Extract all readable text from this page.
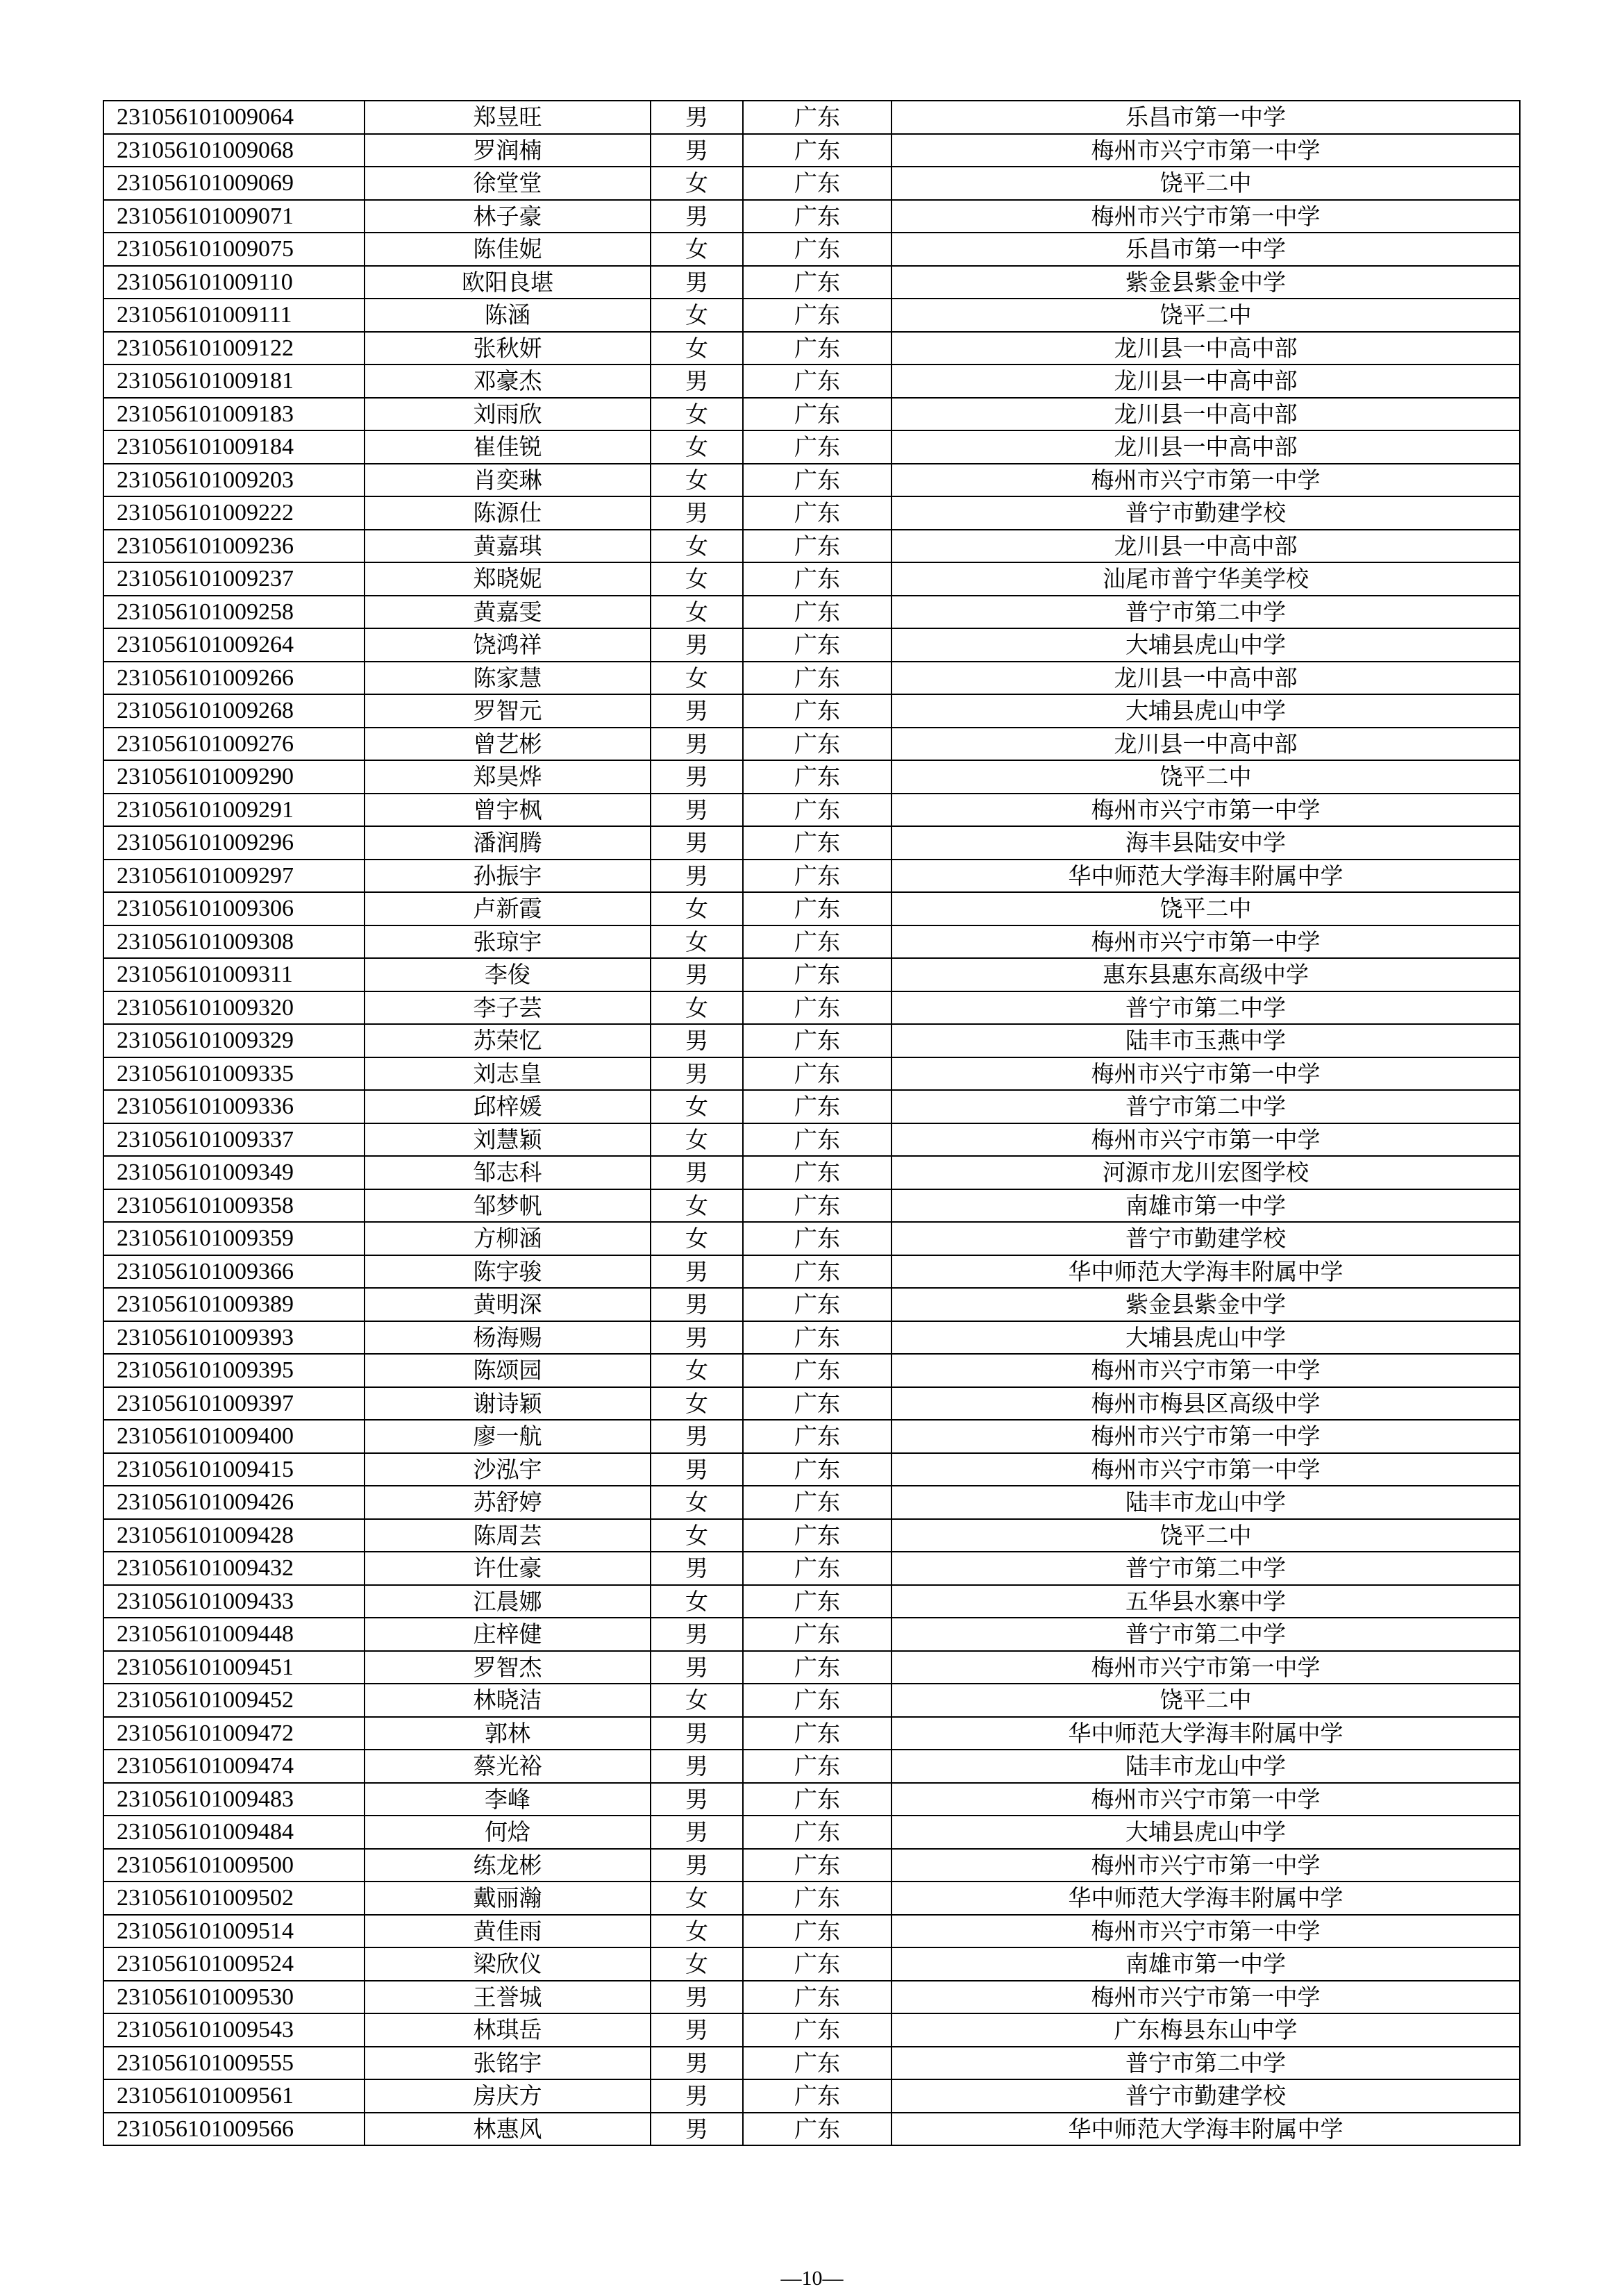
231056101009064	郑昱旺	男	广东	乐昌市第一中学
231056101009068	罗润楠	男	广东	梅州市兴宁市第一中学
231056101009069	徐堂堂	女	广东	饶平二中
231056101009071	林子豪	男	广东	梅州市兴宁市第一中学
231056101009075	陈佳妮	女	广东	乐昌市第一中学
231056101009110	欧阳良堪	男	广东	紫金县紫金中学
231056101009111	陈涵	女	广东	饶平二中
231056101009122	张秋妍	女	广东	龙川县一中高中部
231056101009181	邓豪杰	男	广东	龙川县一中高中部
231056101009183	刘雨欣	女	广东	龙川县一中高中部
231056101009184	崔佳锐	女	广东	龙川县一中高中部
231056101009203	肖奕琳	女	广东	梅州市兴宁市第一中学
231056101009222	陈源仕	男	广东	普宁市勤建学校
231056101009236	黄嘉琪	女	广东	龙川县一中高中部
231056101009237	郑晓妮	女	广东	汕尾市普宁华美学校
231056101009258	黄嘉雯	女	广东	普宁市第二中学
231056101009264	饶鸿祥	男	广东	大埔县虎山中学
231056101009266	陈家慧	女	广东	龙川县一中高中部
231056101009268	罗智元	男	广东	大埔县虎山中学
231056101009276	曾艺彬	男	广东	龙川县一中高中部
231056101009290	郑昊烨	男	广东	饶平二中
231056101009291	曾宇枫	男	广东	梅州市兴宁市第一中学
231056101009296	潘润腾	男	广东	海丰县陆安中学
231056101009297	孙振宇	男	广东	华中师范大学海丰附属中学
231056101009306	卢新霞	女	广东	饶平二中
231056101009308	张琼宇	女	广东	梅州市兴宁市第一中学
231056101009311	李俊	男	广东	惠东县惠东高级中学
231056101009320	李子芸	女	广东	普宁市第二中学
231056101009329	苏荣忆	男	广东	陆丰市玉燕中学
231056101009335	刘志皇	男	广东	梅州市兴宁市第一中学
231056101009336	邱梓媛	女	广东	普宁市第二中学
231056101009337	刘慧颖	女	广东	梅州市兴宁市第一中学
231056101009349	邹志科	男	广东	河源市龙川宏图学校
231056101009358	邹梦帆	女	广东	南雄市第一中学
231056101009359	方柳涵	女	广东	普宁市勤建学校
231056101009366	陈宇骏	男	广东	华中师范大学海丰附属中学
231056101009389	黄明深	男	广东	紫金县紫金中学
231056101009393	杨海赐	男	广东	大埔县虎山中学
231056101009395	陈颂园	女	广东	梅州市兴宁市第一中学
231056101009397	谢诗颖	女	广东	梅州市梅县区高级中学
231056101009400	廖一航	男	广东	梅州市兴宁市第一中学
231056101009415	沙泓宇	男	广东	梅州市兴宁市第一中学
231056101009426	苏舒婷	女	广东	陆丰市龙山中学
231056101009428	陈周芸	女	广东	饶平二中
231056101009432	许仕豪	男	广东	普宁市第二中学
231056101009433	江晨娜	女	广东	五华县水寨中学
231056101009448	庄梓健	男	广东	普宁市第二中学
231056101009451	罗智杰	男	广东	梅州市兴宁市第一中学
231056101009452	林晓洁	女	广东	饶平二中
231056101009472	郭林	男	广东	华中师范大学海丰附属中学
231056101009474	蔡光裕	男	广东	陆丰市龙山中学
231056101009483	李峰	男	广东	梅州市兴宁市第一中学
231056101009484	何焓	男	广东	大埔县虎山中学
231056101009500	练龙彬	男	广东	梅州市兴宁市第一中学
231056101009502	戴丽瀚	女	广东	华中师范大学海丰附属中学
231056101009514	黄佳雨	女	广东	梅州市兴宁市第一中学
231056101009524	梁欣仪	女	广东	南雄市第一中学
231056101009530	王誉城	男	广东	梅州市兴宁市第一中学
231056101009543	林琪岳	男	广东	广东梅县东山中学
231056101009555	张铭宇	男	广东	普宁市第二中学
231056101009561	房庆方	男	广东	普宁市勤建学校
231056101009566	林惠风	男	广东	华中师范大学海丰附属中学
—10—
